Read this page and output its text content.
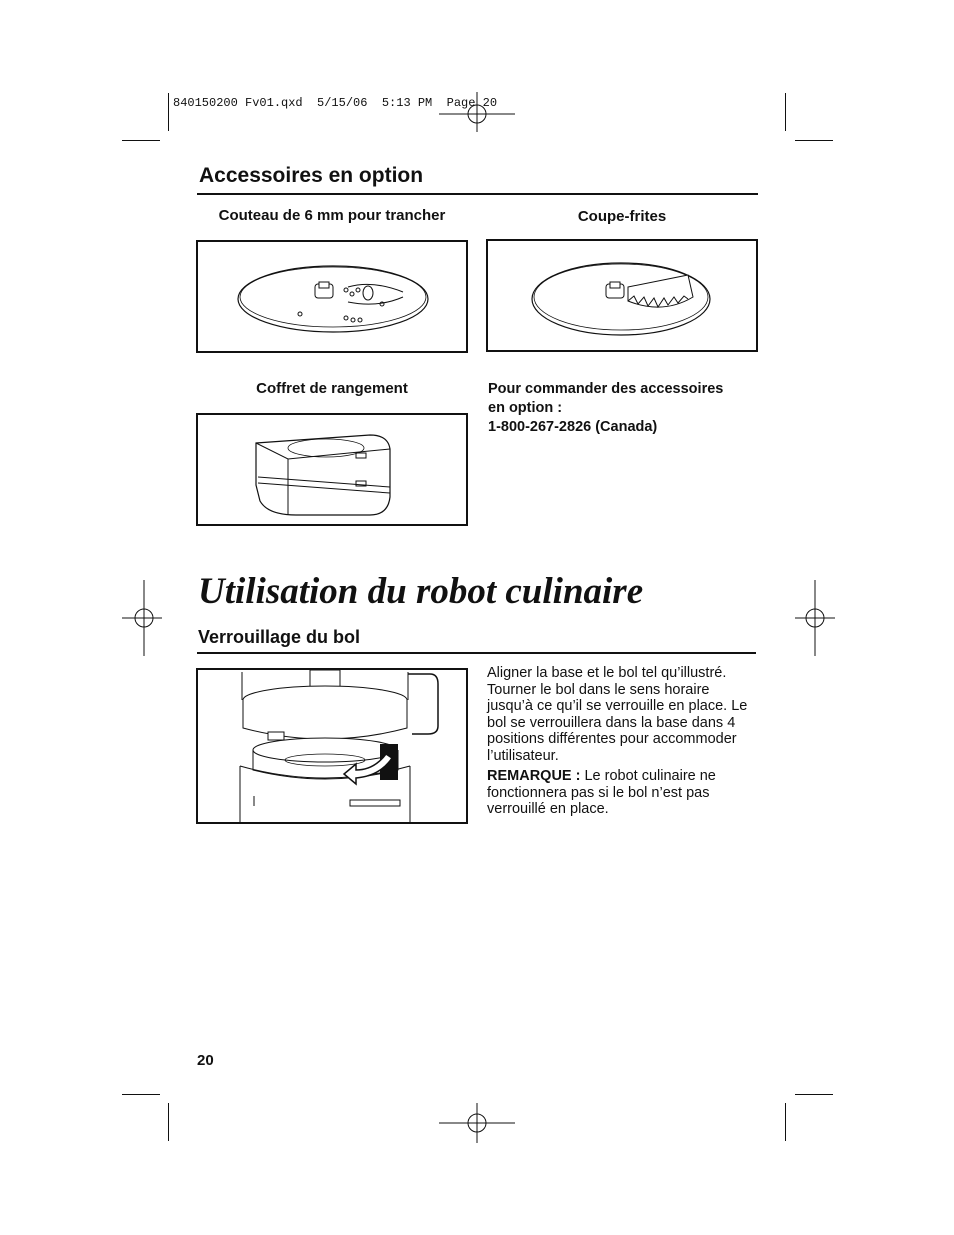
840150200 Fv01.qxd  5/15/06  5:13 PM  Page 20
Accessoires en option
Couteau de 6 mm pour trancher	Coupe-frites
Coffret de rangement	Pour commander des accessoires
en option :
1-800-267-2826 (Canada)
Utilisation du robot culinaire
Verrouillage du bol

Aligner la base et le bol tel qu’illustré. Tourner le bol dans le sens horaire jusqu’à ce qu’il se verrouille en place. Le bol se verrouillera dans la base dans 4 positions différentes pour accommoder l’utilisateur.

REMARQUE : Le robot culinaire ne fonctionnera pas si le bol n’est pas verrouillé en place.

20
